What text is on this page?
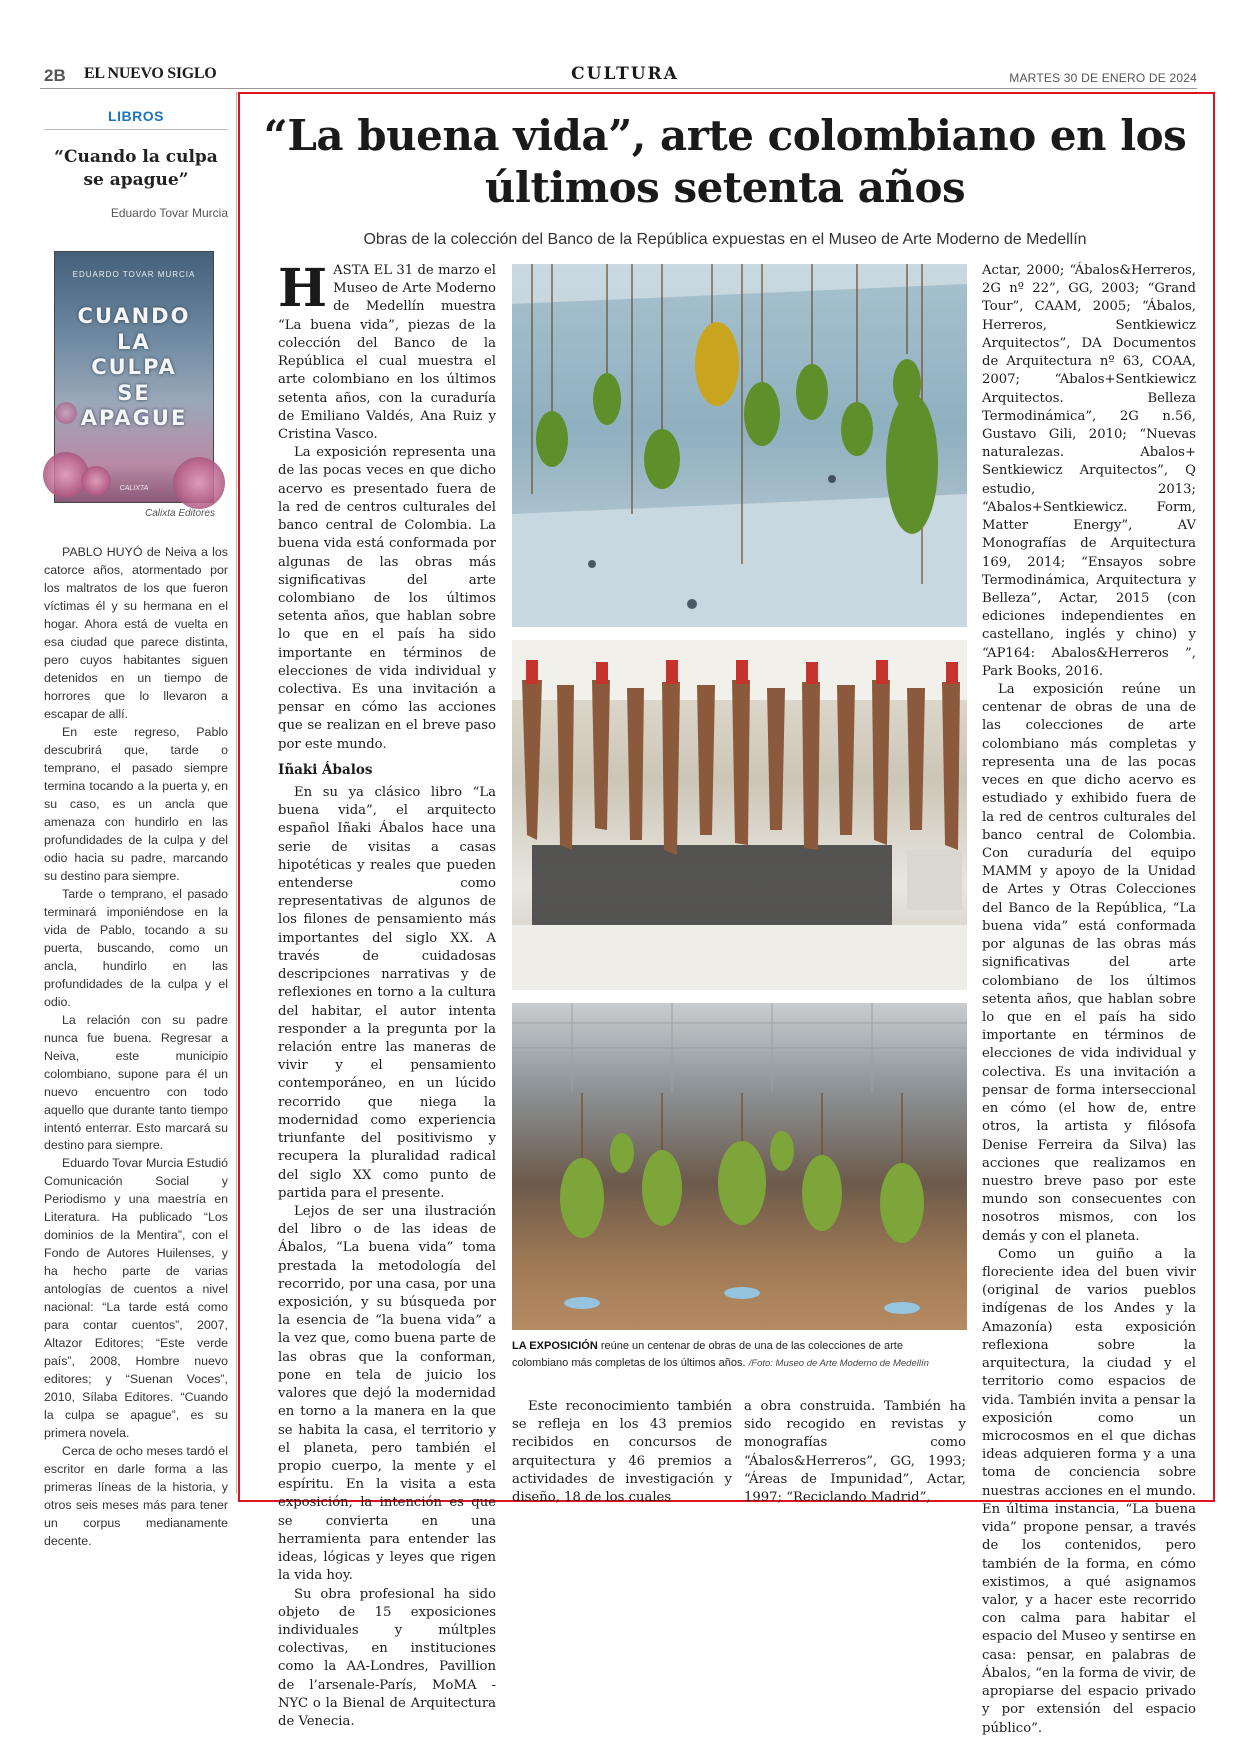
2B EL NUEVO SIGLO	CULTURA	MARTES 30 DE ENERO DE 2024
LIBROS
“Cuando la culpa se apague”
Eduardo Tovar Murcia
EDUARDO TOVAR MURCIA
CUANDO
LA
CULPA
SE
APAGUE
CALIXTA
Calixta Editores

PABLO HUYÓ de Neiva a los catorce años, atormentado por los maltratos de los que fueron víctimas él y su hermana en el hogar. Ahora está de vuelta en esa ciudad que parece distinta, pero cuyos habitantes siguen detenidos en un tiempo de horrores que lo llevaron a escapar de allí.

En este regreso, Pablo descubrirá que, tarde o temprano, el pasado siempre termina tocando a la puerta y, en su caso, es un ancla que amenaza con hundirlo en las profundidades de la culpa y del odio hacia su padre, marcando su destino para siempre.

Tarde o temprano, el pasado terminará imponiéndose en la vida de Pablo, tocando a su puerta, buscando, como un ancla, hundirlo en las profundidades de la culpa y el odio.

La relación con su padre nunca fue buena. Regresar a Neiva, este municipio colombiano, supone para él un nuevo encuentro con todo aquello que durante tanto tiempo intentó enterrar. Esto marcará su destino para siempre.

Eduardo Tovar Murcia Estudió Comunicación Social y Periodismo y una maestría en Literatura. Ha publicado “Los dominios de la Mentira”, con el Fondo de Autores Huilenses, y ha hecho parte de varias antologías de cuentos a nivel nacional: “La tarde está como para contar cuentos”, 2007, Altazor Editores; “Este verde país”, 2008, Hombre nuevo editores; y “Suenan Voces”, 2010, Sílaba Editores. “Cuando la culpa se apague”, es su primera novela.

Cerca de ocho meses tardó el escritor en darle forma a las primeras líneas de la historia, y otros seis meses más para tener un corpus medianamente decente.

“La buena vida”, arte colombiano en los últimos setenta años
Obras de la colección del Banco de la República expuestas en el Museo de Arte Moderno de Medellín

HASTA EL 31 de marzo el Museo de Arte Moderno de Medellín muestra “La buena vida”, piezas de la colección del Banco de la República el cual muestra el arte colombiano en los últimos setenta años, con la curaduría de Emiliano Valdés, Ana Ruiz y Cristina Vasco.

La exposición representa una de las pocas veces en que dicho acervo es presentado fuera de la red de centros culturales del banco central de Colombia. La buena vida está conformada por algunas de las obras más significativas del arte colombiano de los últimos setenta años, que hablan sobre lo que en el país ha sido importante en términos de elecciones de vida individual y colectiva. Es una invitación a pensar en cómo las acciones que se realizan en el breve paso por este mundo.

Iñaki Ábalos

En su ya clásico libro “La buena vida”, el arquitecto español Iñaki Ábalos hace una serie de visitas a casas hipotéticas y reales que pueden entenderse como representativas de algunos de los filones de pensamiento más importantes del siglo XX. A través de cuidadosas descripciones narrativas y de reflexiones en torno a la cultura del habitar, el autor intenta responder a la pregunta por la relación entre las maneras de vivir y el pensamiento contemporáneo, en un lúcido recorrido que niega la modernidad como experiencia triunfante del positivismo y recupera la pluralidad radical del siglo XX como punto de partida para el presente.

Lejos de ser una ilustración del libro o de las ideas de Ábalos, “La buena vida” toma prestada la metodología del recorrido, por una casa, por una exposición, y su búsqueda por la esencia de “la buena vida” a la vez que, como buena parte de las obras que la conforman, pone en tela de juicio los valores que dejó la modernidad en torno a la manera en la que se habita la casa, el territorio y el planeta, pero también el propio cuerpo, la mente y el espíritu. En la visita a esta exposición, la intención es que se convierta en una herramienta para entender las ideas, lógicas y leyes que rigen la vida hoy.

Su obra profesional ha sido objeto de 15 exposiciones individuales y múltples colectivas, en instituciones como la AA-Londres, Pavillion de l’arsenale-París, MoMA - NYC o la Bienal de Arquitectura de Venecia.

LA EXPOSICIÓN reúne un centenar de obras de una de las colecciones de arte colombiano más completas de los últimos años. /Foto: Museo de Arte Moderno de Medellín

Este reconocimiento también se refleja en los 43 premios recibidos en concursos de arquitectura y 46 premios a actividades de investigación y diseño, 18 de los cuales

a obra construida. También ha sido recogido en revistas y monografías como “Ábalos&Herreros”, GG, 1993; “Áreas de Impunidad”, Actar, 1997; “Reciclando Madrid”,

Actar, 2000; “Ábalos&Herreros, 2G nº 22”, GG, 2003; “Grand Tour”, CAAM, 2005; “Ábalos, Herreros, Sentkiewicz Arquitectos”, DA Documentos de Arquitectura nº 63, COAA, 2007; “Abalos+Sentkiewicz Arquitectos. Belleza Termodinámica”, 2G n.56, Gustavo Gili, 2010; “Nuevas naturalezas. Abalos+ Sentkiewicz Arquitectos”, Q estudio, 2013; “Abalos+Sentkiewicz. Form, Matter Energy”, AV Monografías de Arquitectura 169, 2014; “Ensayos sobre Termodinámica, Arquitectura y Belleza”, Actar, 2015 (con ediciones independientes en castellano, inglés y chino) y “AP164: Abalos&Herreros ”, Park Books, 2016.

La exposición reúne un centenar de obras de una de las colecciones de arte colombiano más completas y representa una de las pocas veces en que dicho acervo es estudiado y exhibido fuera de la red de centros culturales del banco central de Colombia. Con curaduría del equipo MAMM y apoyo de la Unidad de Artes y Otras Colecciones del Banco de la República, “La buena vida” está conformada por algunas de las obras más significativas del arte colombiano de los últimos setenta años, que hablan sobre lo que en el país ha sido importante en términos de elecciones de vida individual y colectiva. Es una invitación a pensar de forma interseccional en cómo (el how de, entre otros, la artista y filósofa Denise Ferreira da Silva) las acciones que realizamos en nuestro breve paso por este mundo son consecuentes con nosotros mismos, con los demás y con el planeta.

Como un guiño a la floreciente idea del buen vivir (original de varios pueblos indígenas de los Andes y la Amazonía) esta exposición reflexiona sobre la arquitectura, la ciudad y el territorio como espacios de vida. También invita a pensar la exposición como un microcosmos en el que dichas ideas adquieren forma y a una toma de conciencia sobre nuestras acciones en el mundo. En última instancia, “La buena vida” propone pensar, a través de los contenidos, pero también de la forma, en cómo existimos, a qué asignamos valor, y a hacer este recorrido con calma para habitar el espacio del Museo y sentirse en casa: pensar, en palabras de Ábalos, “en la forma de vivir, de apropiarse del espacio privado y por extensión del espacio público”.
